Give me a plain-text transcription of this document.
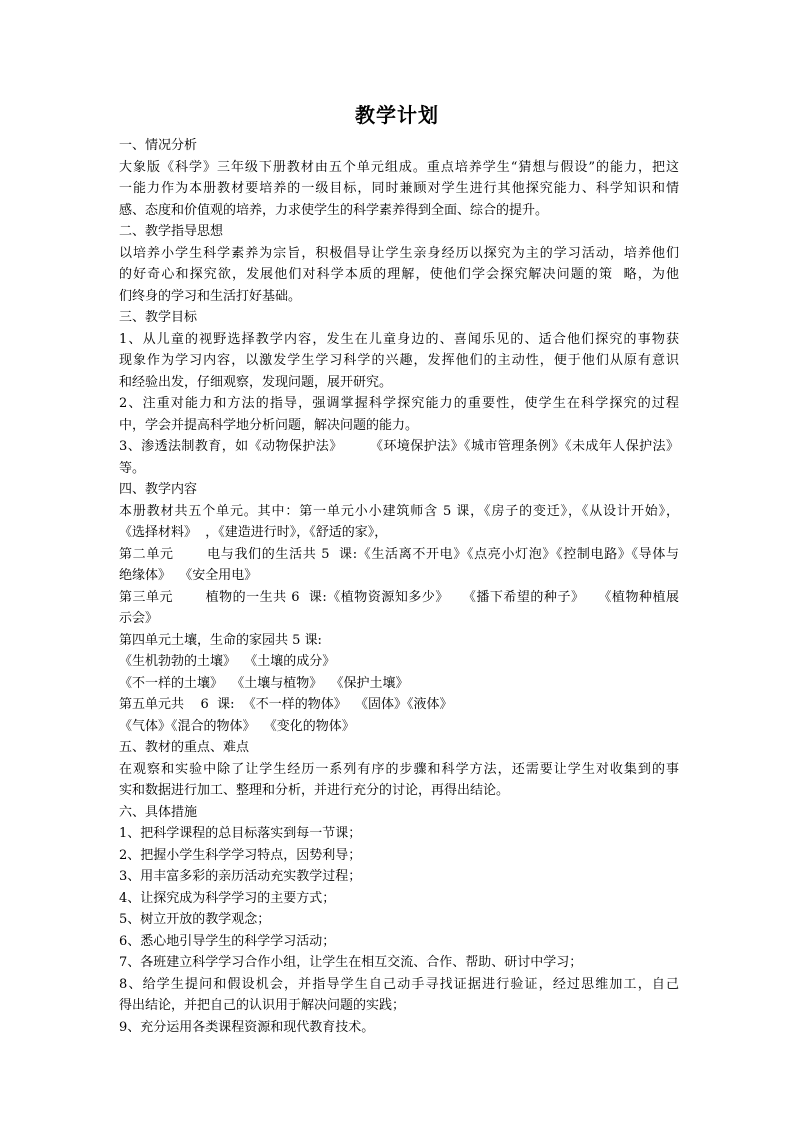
教学计划
一、情况分析
大象版《科学》三年级下册教材由五个单元组成。重点培养学生“猜想与假设”的能力，把这
一能力作为本册教材要培养的一级目标，同时兼顾对学生进行其他探究能力、科学知识和情
感、态度和价值观的培养，力求使学生的科学素养得到全面、综合的提升。
二、教学指导思想
以培养小学生科学素养为宗旨，积极倡导让学生亲身经历以探究为主的学习活动，培养他们
的好奇心和探究欲，发展他们对科学本质的理解，使他们学会探究解决问题的策  略，为他
们终身的学习和生活打好基础。
三、教学目标
1、从儿童的视野选择教学内容，发生在儿童身边的、喜闻乐见的、适合他们探究的事物获
现象作为学习内容，以激发学生学习科学的兴趣，发挥他们的主动性，便于他们从原有意识
和经验出发，仔细观察，发现问题，展开研究。
2、注重对能力和方法的指导，强调掌握科学探究能力的重要性，使学生在科学探究的过程
中，学会并提高科学地分析问题，解决问题的能力。
3、渗透法制教育，如《动物保护法》      《环境保护法》《城市管理条例》《未成年人保护法》
等。
四、教学内容
本册教材共五个单元。其中：第一单元小小建筑师含 5 课，《房子的变迁》，《从设计开始》，
《选择材料》  ，《建造进行时》，《舒适的家》，
第二单元       电与我们的生活共 5  课:《生活离不开电》《点亮小灯泡》《控制电路》《导体与
绝缘体》  《安全用电》
第三单元       植物的一生共 6  课:《植物资源知多少》   《播下希望的种子》   《植物种植展
示会》
第四单元土壤，生命的家园共 5 课:
《生机勃勃的土壤》  《土壤的成分》
《不一样的土壤》  《土壤与植物》  《保护土壤》
第五单元共    6  课:  《不一样的物体》  《固体》《液体》
《气体》《混合的物体》  《变化的物体》
五、教材的重点、难点
在观察和实验中除了让学生经历一系列有序的步骤和科学方法，还需要让学生对收集到的事
实和数据进行加工、整理和分析，并进行充分的讨论，再得出结论。
六、具体措施
1、把科学课程的总目标落实到每一节课；
2、把握小学生科学学习特点，因势利导；
3、用丰富多彩的亲历活动充实教学过程；
4、让探究成为科学学习的主要方式；
5、树立开放的教学观念；
6、悉心地引导学生的科学学习活动；
7、各班建立科学学习合作小组，让学生在相互交流、合作、帮助、研讨中学习；
8、给学生提问和假设机会，并指导学生自己动手寻找证据进行验证，经过思维加工，自己
得出结论，并把自己的认识用于解决问题的实践；
9、充分运用各类课程资源和现代教育技术。
